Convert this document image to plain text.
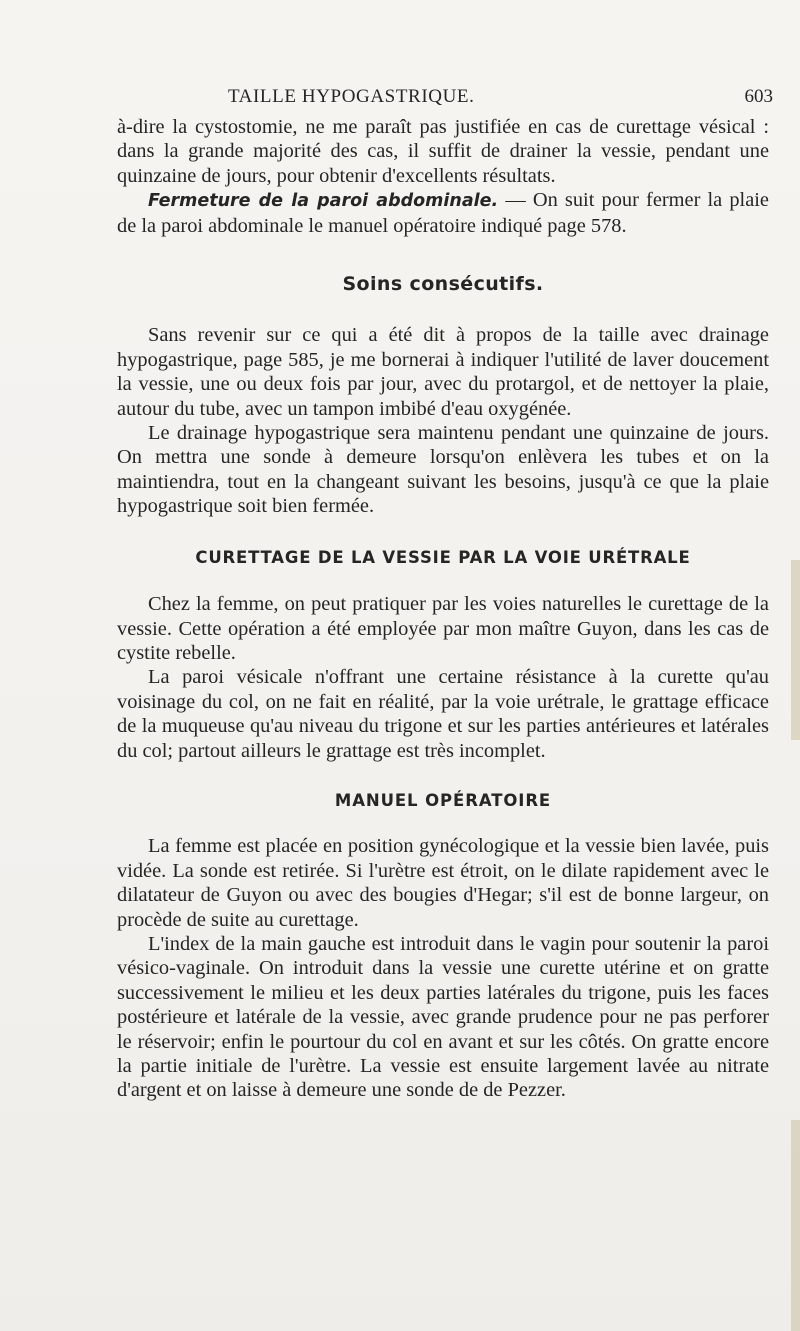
TAILLE HYPOGASTRIQUE.	603

à-dire la cystostomie, ne me paraît pas justifiée en cas de curettage vésical : dans la grande majorité des cas, il suffit de drainer la vessie, pendant une quinzaine de jours, pour obtenir d'excellents résultats.

Fermeture de la paroi abdominale. — On suit pour fermer la plaie de la paroi abdominale le manuel opératoire indiqué page 578.

Soins consécutifs.

Sans revenir sur ce qui a été dit à propos de la taille avec drainage hypogastrique, page 585, je me bornerai à indiquer l'utilité de laver doucement la vessie, une ou deux fois par jour, avec du protargol, et de nettoyer la plaie, autour du tube, avec un tampon imbibé d'eau oxygénée.

Le drainage hypogastrique sera maintenu pendant une quinzaine de jours. On mettra une sonde à demeure lorsqu'on enlèvera les tubes et on la maintiendra, tout en la changeant suivant les besoins, jusqu'à ce que la plaie hypogastrique soit bien fermée.

CURETTAGE DE LA VESSIE PAR LA VOIE URÉTRALE

Chez la femme, on peut pratiquer par les voies naturelles le curettage de la vessie. Cette opération a été employée par mon maître Guyon, dans les cas de cystite rebelle.

La paroi vésicale n'offrant une certaine résistance à la curette qu'au voisinage du col, on ne fait en réalité, par la voie urétrale, le grattage efficace de la muqueuse qu'au niveau du trigone et sur les parties antérieures et latérales du col; partout ailleurs le grattage est très incomplet.

MANUEL OPÉRATOIRE

La femme est placée en position gynécologique et la vessie bien lavée, puis vidée. La sonde est retirée. Si l'urètre est étroit, on le dilate rapidement avec le dilatateur de Guyon ou avec des bougies d'Hegar; s'il est de bonne largeur, on procède de suite au curettage.

L'index de la main gauche est introduit dans le vagin pour soutenir la paroi vésico-vaginale. On introduit dans la vessie une curette utérine et on gratte successivement le milieu et les deux parties latérales du trigone, puis les faces postérieure et latérale de la vessie, avec grande prudence pour ne pas perforer le réservoir; enfin le pourtour du col en avant et sur les côtés. On gratte encore la partie initiale de l'urètre. La vessie est ensuite largement lavée au nitrate d'argent et on laisse à demeure une sonde de de Pezzer.
